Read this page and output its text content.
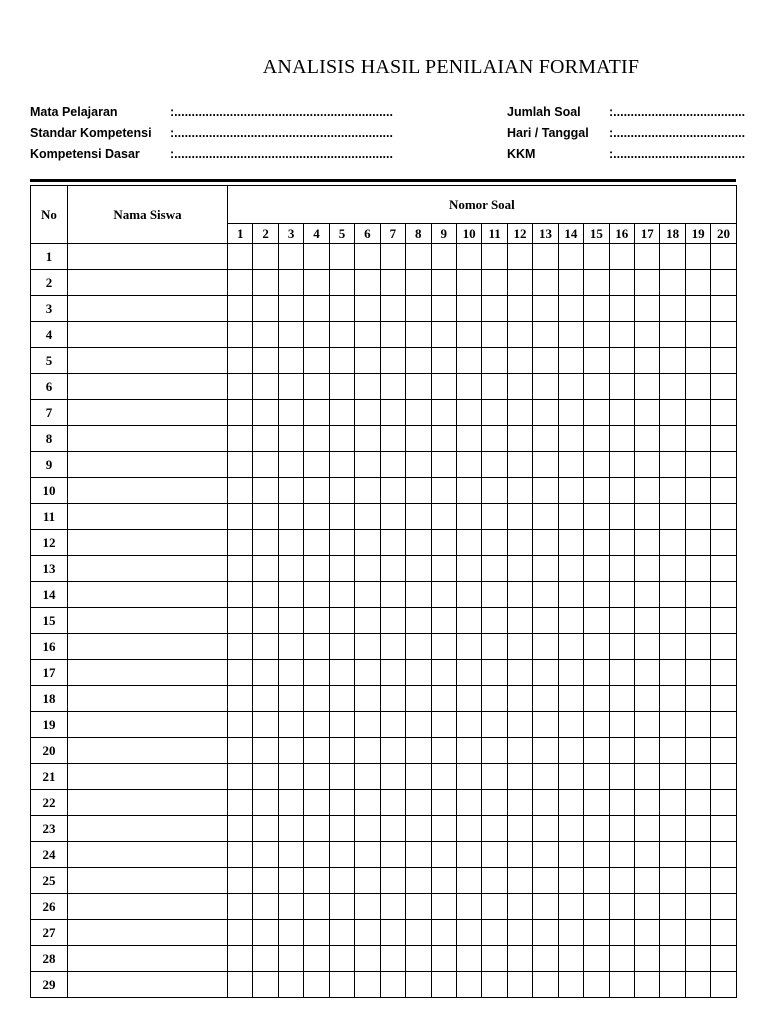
ANALISIS HASIL PENILAIAN FORMATIF
Mata Pelajaran	:...............................................................
Standar Kompetensi :...............................................................
Kompetensi Dasar :...............................................................
Jumlah Soal :......................................
Hari / Tanggal :......................................
KKM	:......................................
No	Nama Siswa	Nomor Soal																			
		1	2	3	4	5	6	7	8	9	10	11	12	13	14	15	16	17	18	19	20
1																					
2																					
3																					
4																					
5																					
6																					
7																					
8																					
9																					
10																					
11																					
12																					
13																					
14																					
15																					
16																					
17																					
18																					
19																					
20																					
21																					
22																					
23																					
24																					
25																					
26																					
27																					
28																					
29																					
